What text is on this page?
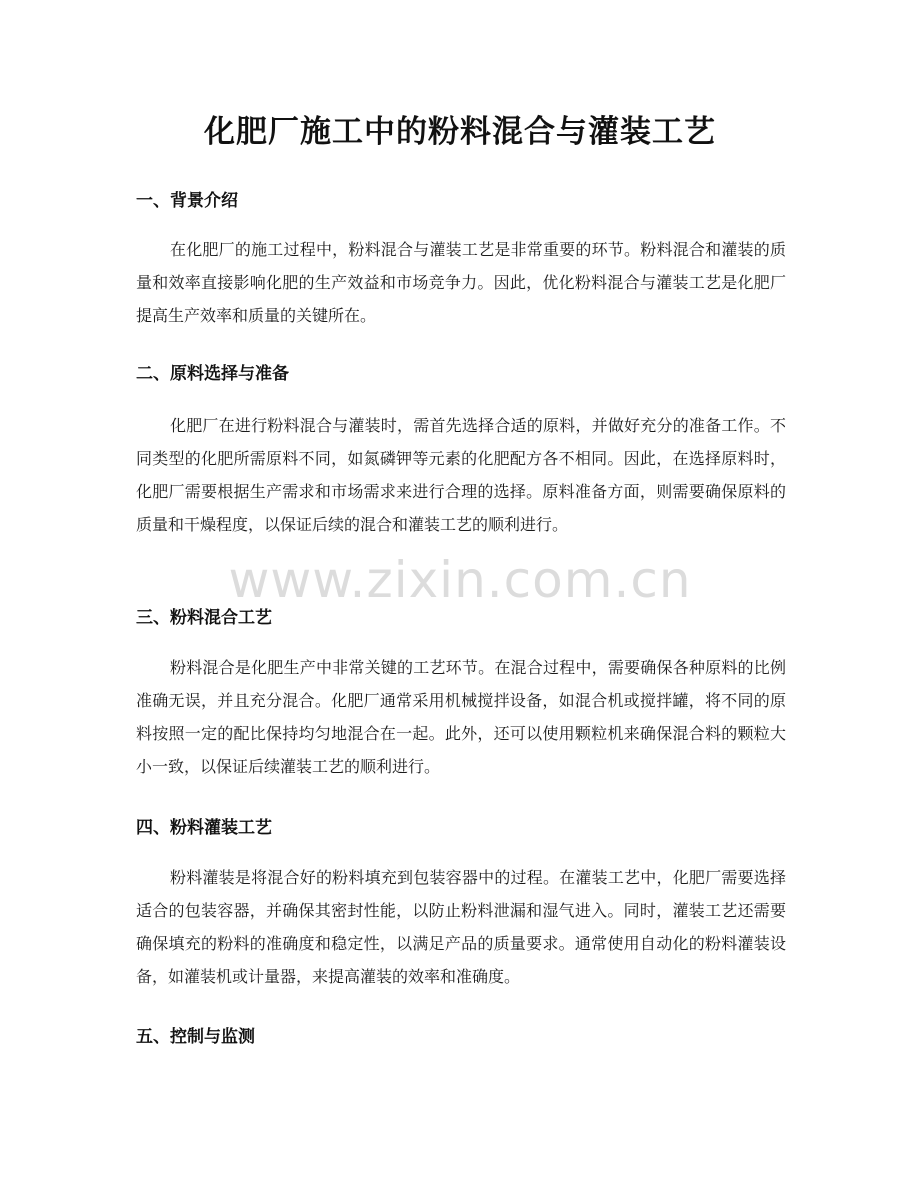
化肥厂施工中的粉料混合与灌装工艺
一、背景介绍

在化肥厂的施工过程中，粉料混合与灌装工艺是非常重要的环节。粉料混合和灌装的质量和效率直接影响化肥的生产效益和市场竞争力。因此，优化粉料混合与灌装工艺是化肥厂提高生产效率和质量的关键所在。

二、原料选择与准备

化肥厂在进行粉料混合与灌装时，需首先选择合适的原料，并做好充分的准备工作。不同类型的化肥所需原料不同，如氮磷钾等元素的化肥配方各不相同。因此，在选择原料时，化肥厂需要根据生产需求和市场需求来进行合理的选择。原料准备方面，则需要确保原料的质量和干燥程度，以保证后续的混合和灌装工艺的顺利进行。

三、粉料混合工艺

粉料混合是化肥生产中非常关键的工艺环节。在混合过程中，需要确保各种原料的比例准确无误，并且充分混合。化肥厂通常采用机械搅拌设备，如混合机或搅拌罐，将不同的原料按照一定的配比保持均匀地混合在一起。此外，还可以使用颗粒机来确保混合料的颗粒大小一致，以保证后续灌装工艺的顺利进行。

四、粉料灌装工艺

粉料灌装是将混合好的粉料填充到包装容器中的过程。在灌装工艺中，化肥厂需要选择适合的包装容器，并确保其密封性能，以防止粉料泄漏和湿气进入。同时，灌装工艺还需要确保填充的粉料的准确度和稳定性，以满足产品的质量要求。通常使用自动化的粉料灌装设备，如灌装机或计量器，来提高灌装的效率和准确度。

五、控制与监测
www.zixin.com.cn
